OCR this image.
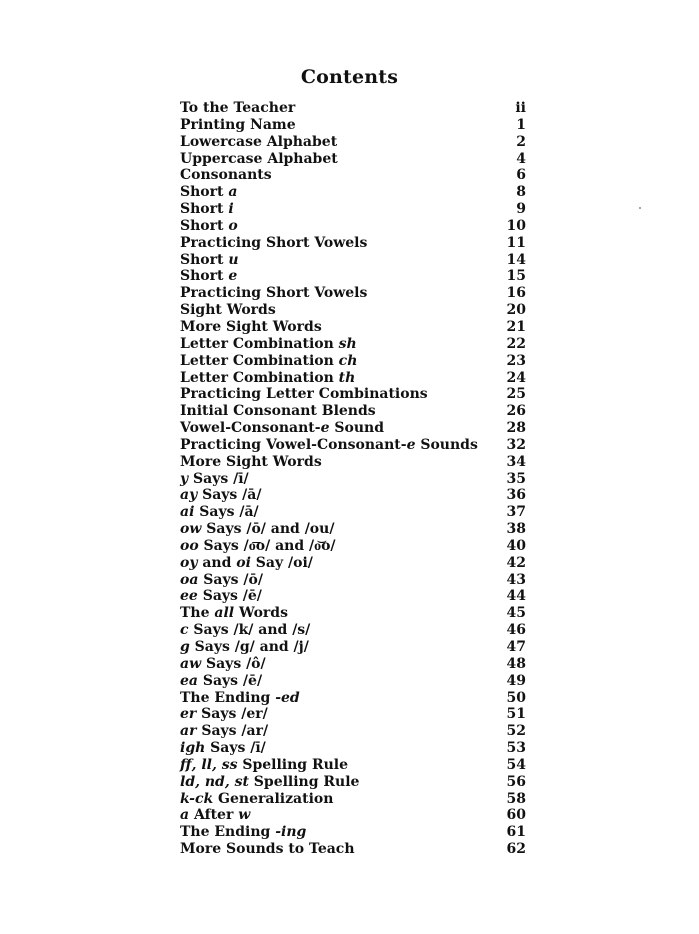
Contents
To the Teacher	ii
Printing Name	1
Lowercase Alphabet	2
Uppercase Alphabet	4
Consonants	6
Short a	8
Short i	9
Short o	10
Practicing Short Vowels	11
Short u	14
Short e	15
Practicing Short Vowels	16
Sight Words	20
More Sight Words	21
Letter Combination sh	22
Letter Combination ch	23
Letter Combination th	24
Practicing Letter Combinations	25
Initial Consonant Blends	26
Vowel-Consonant-e Sound	28
Practicing Vowel-Consonant-e Sounds	32
More Sight Words	34
y Says /ī/	35
ay Says /ā/	36
ai Says /ā/	37
ow Says /ō/ and /ou/	38
oo Says /o͞o/ and /o͝o/	40
oy and oi Say /oi/	42
oa Says /ō/	43
ee Says /ē/	44
The all Words	45
c Says /k/ and /s/	46
g Says /g/ and /j/	47
aw Says /ô/	48
ea Says /ē/	49
The Ending -ed	50
er Says /er/	51
ar Says /ar/	52
igh Says /ī/	53
ff, ll, ss Spelling Rule	54
ld, nd, st Spelling Rule	56
k-ck Generalization	58
a After w	60
The Ending -ing	61
More Sounds to Teach	62
